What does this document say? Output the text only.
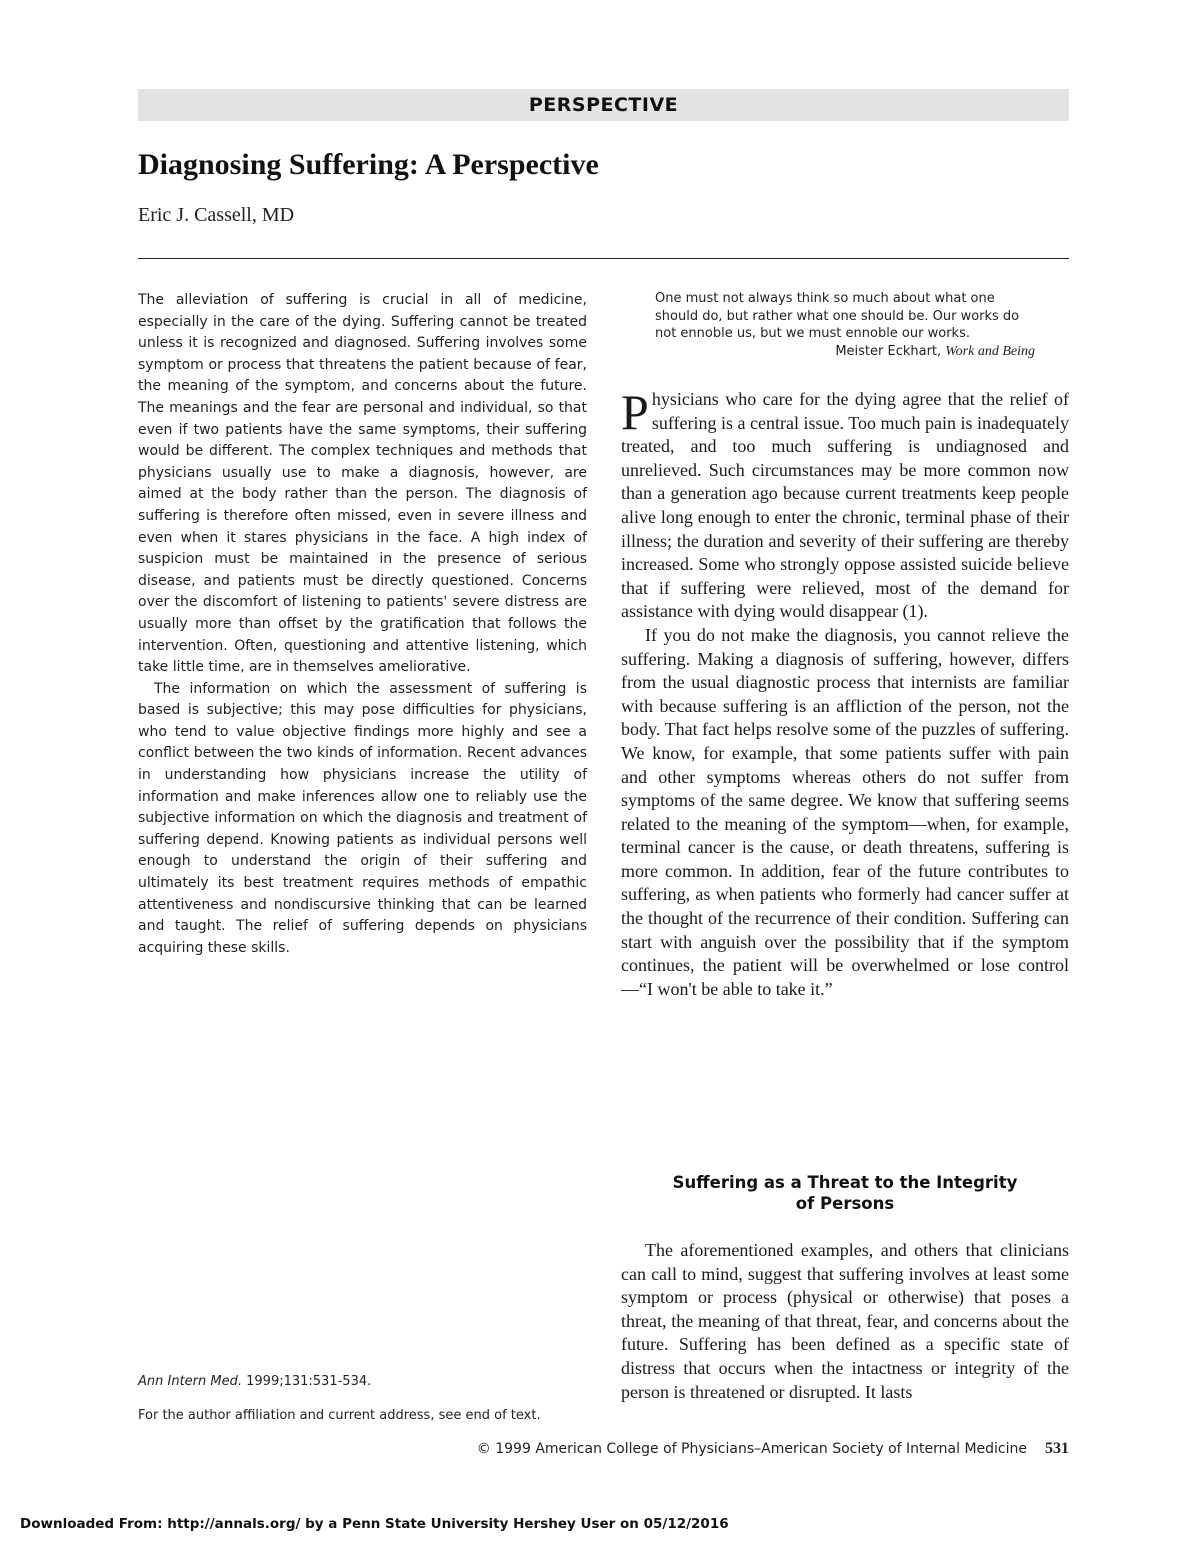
PERSPECTIVE
Diagnosing Suffering: A Perspective
Eric J. Cassell, MD

The alleviation of suffering is crucial in all of medicine, especially in the care of the dying. Suffering cannot be treated unless it is recognized and diagnosed. Suffering involves some symptom or process that threatens the patient because of fear, the meaning of the symptom, and concerns about the future. The meanings and the fear are personal and individual, so that even if two patients have the same symptoms, their suffering would be different. The complex techniques and methods that physicians usually use to make a diagnosis, however, are aimed at the body rather than the person. The diagnosis of suffering is therefore often missed, even in severe illness and even when it stares physicians in the face. A high index of suspicion must be maintained in the presence of serious disease, and patients must be directly questioned. Concerns over the discomfort of listening to patients' severe distress are usually more than offset by the gratification that follows the intervention. Often, questioning and attentive listening, which take little time, are in themselves ameliorative.

The information on which the assessment of suffering is based is subjective; this may pose difficulties for physicians, who tend to value objective findings more highly and see a conflict between the two kinds of information. Recent advances in understanding how physicians increase the utility of information and make inferences allow one to reliably use the subjective information on which the diagnosis and treatment of suffering depend. Knowing patients as individual persons well enough to understand the origin of their suffering and ultimately its best treatment requires methods of empathic attentiveness and nondiscursive thinking that can be learned and taught. The relief of suffering depends on physicians acquiring these skills.

Ann Intern Med. 1999;131:531-534.
For the author affiliation and current address, see end of text.

One must not always think so much about what one should do, but rather what one should be. Our works do not ennoble us, but we must ennoble our works.

Meister Eckhart, Work and Being

Physicians who care for the dying agree that the relief of suffering is a central issue. Too much pain is inadequately treated, and too much suffering is undiagnosed and unrelieved. Such circumstances may be more common now than a generation ago because current treatments keep people alive long enough to enter the chronic, terminal phase of their illness; the duration and severity of their suffering are thereby increased. Some who strongly oppose assisted suicide believe that if suffering were relieved, most of the demand for assistance with dying would disappear (1).

If you do not make the diagnosis, you cannot relieve the suffering. Making a diagnosis of suffering, however, differs from the usual diagnostic process that internists are familiar with because suffering is an affliction of the person, not the body. That fact helps resolve some of the puzzles of suffering. We know, for example, that some patients suffer with pain and other symptoms whereas others do not suffer from symptoms of the same degree. We know that suffering seems related to the meaning of the symptom—when, for example, terminal cancer is the cause, or death threatens, suffering is more common. In addition, fear of the future contributes to suffering, as when patients who formerly had cancer suffer at the thought of the recurrence of their condition. Suffering can start with anguish over the possibility that if the symptom continues, the patient will be overwhelmed or lose control—“I won't be able to take it.”

Suffering as a Threat to the Integrity
of Persons

The aforementioned examples, and others that clinicians can call to mind, suggest that suffering involves at least some symptom or process (physical or otherwise) that poses a threat, the meaning of that threat, fear, and concerns about the future. Suffering has been defined as a specific state of distress that occurs when the intactness or integrity of the person is threatened or disrupted. It lasts

© 1999 American College of Physicians–American Society of Internal Medicine 531
Downloaded From: http://annals.org/ by a Penn State University Hershey User on 05/12/2016
